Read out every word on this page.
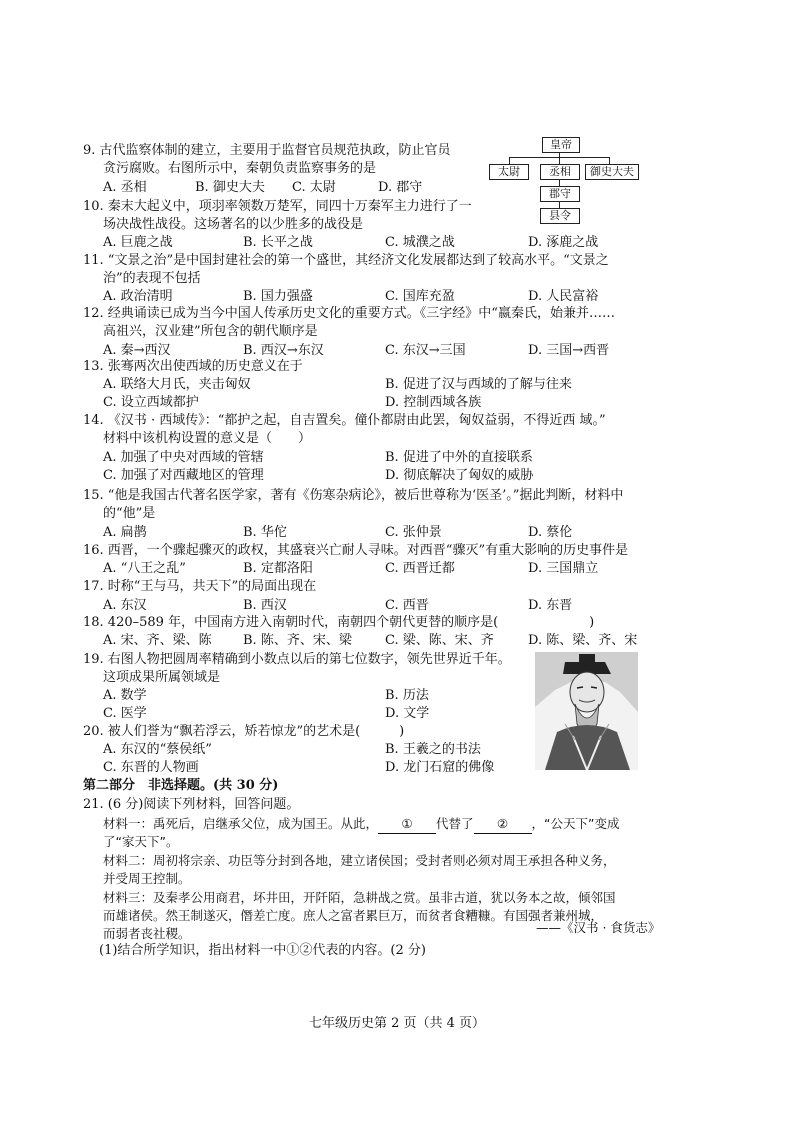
9. 古代监察体制的建立，主要用于监督官员规范执政，防止官员
贪污腐败。右图所示中，秦朝负责监察事务的是
A. 丞相	B. 御史大夫 C. 太尉	D. 郡守
皇帝
太尉	丞相	御史大夫
郡守
县令
10. 秦末大起义中，项羽率领数万楚军，同四十万秦军主力进行了一
场决战性战役。这场著名的以少胜多的战役是
A. 巨鹿之战	B. 长平之战	C. 城濮之战	D. 涿鹿之战
11. “文景之治”是中国封建社会的第一个盛世，其经济文化发展都达到了较高水平。“文景之
治”的表现不包括
A. 政治清明	B. 国力强盛	C. 国库充盈	D. 人民富裕
12. 经典诵读已成为当今中国人传承历史文化的重要方式。《三字经》中“嬴秦氏，始兼并……
高祖兴，汉业建”所包含的朝代顺序是
A. 秦→西汉	B. 西汉→东汉	C. 东汉→三国	D. 三国→西晋
13. 张骞两次出使西域的历史意义在于
A. 联络大月氏，夹击匈奴	B. 促进了汉与西域的了解与往来
C. 设立西域都护	D. 控制西域各族
14. 《汉书 · 西域传》：“都护之起，自吉置矣。僮仆都尉由此罢，匈奴益弱，不得近西 域。”
材料中该机构设置的意义是（　　）
A. 加强了中央对西域的管辖	B. 促进了中外的直接联系
C. 加强了对西藏地区的管理	D. 彻底解决了匈奴的威胁
15. “他是我国古代著名医学家，著有《伤寒杂病论》，被后世尊称为‘医圣’。”据此判断，材料中
的“他”是
A. 扁鹊	B. 华佗	C. 张仲景	D. 蔡伦
16. 西晋，一个骤起骤灭的政权，其盛衰兴亡耐人寻味。对西晋“骤灭”有重大影响的历史事件是
A. “八王之乱”	B. 定都洛阳	C. 西晋迁都	D. 三国鼎立
17. 时称“王与马，共天下”的局面出现在
A. 东汉	B. 西汉	C. 西晋	D. 东晋
18. 420–589 年，中国南方进入南朝时代，南朝四个朝代更替的顺序是(　　　　　　　)
A. 宋、齐、梁、陈 B. 陈、齐、宋、梁	C. 梁、陈、宋、齐	D. 陈、梁、齐、宋
19. 右图人物把圆周率精确到小数点以后的第七位数字，领先世界近千年。
这项成果所属领域是
A. 数学	B. 历法
C. 医学	D. 文学
20. 被人们誉为“飘若浮云，矫若惊龙”的艺术是(　　　)
A. 东汉的“蔡侯纸”	B. 王羲之的书法
C. 东晋的人物画	D. 龙门石窟的佛像
第二部分　非选择题。(共 30 分)
21. (6 分)阅读下列材料，回答问题。
材料一：禹死后，启继承父位，成为国王。从此， ① 代替了 ② ，“公天下”变成
了“家天下”。
材料二：周初将宗亲、功臣等分封到各地，建立诸侯国；受封者则必须对周王承担各种义务，
并受周王控制。
材料三：及秦孝公用商君，坏井田，开阡陌，急耕战之赏。虽非古道，犹以务本之故，倾邻国
而雄诸侯。然王制遂灭，僭差亡度。庶人之富者累巨万，而贫者食糟糠。有国强者兼州城，
而弱者丧社稷。	——《汉书 · 食货志》
(1)结合所学知识，指出材料一中①②代表的内容。(2 分)
七年级历史第 2 页（共 4 页）
